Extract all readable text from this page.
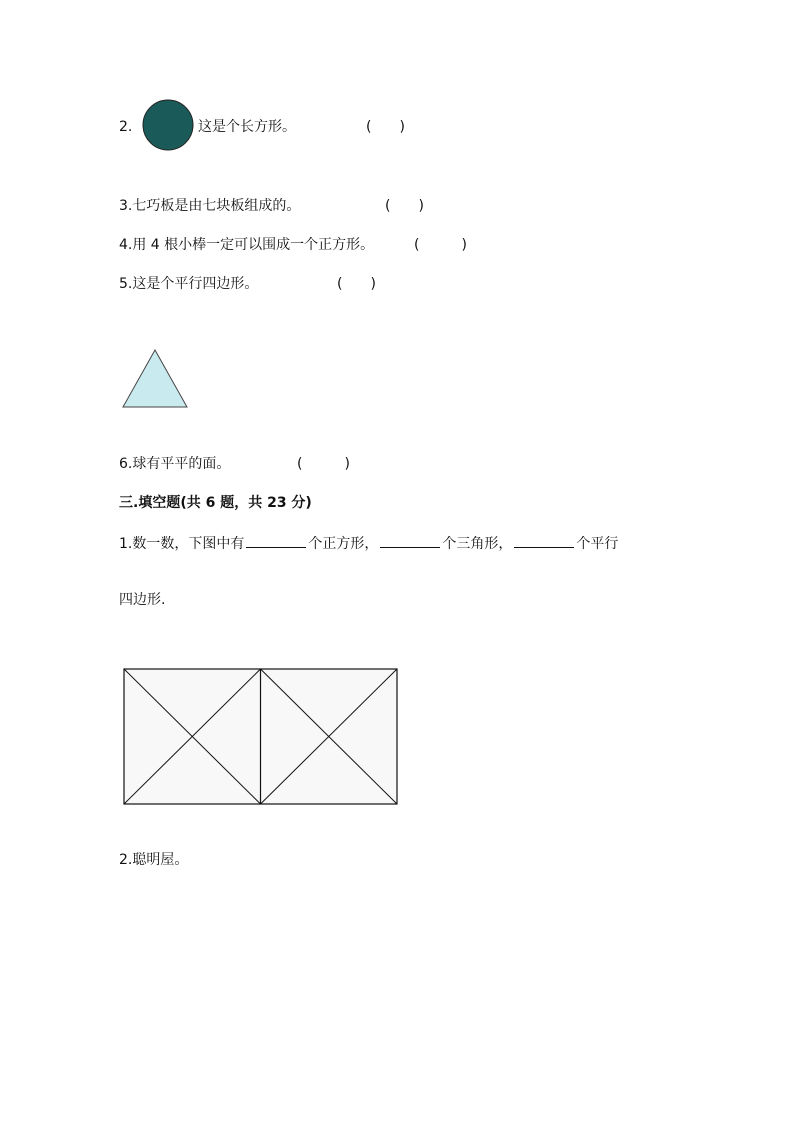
2.	这是个长方形。	(　　)
3.七巧板是由七块板组成的。	(　　)
4.用 4 根小棒一定可以围成一个正方形。	(　　　)
5.这是个平行四边形。	(　　)
6.球有平平的面。	(　　　)
三.填空题(共 6 题，共 23 分)
1.数一数，下图中有	个正方形，	个三角形，	个平行
四边形.
2.聪明屋。
